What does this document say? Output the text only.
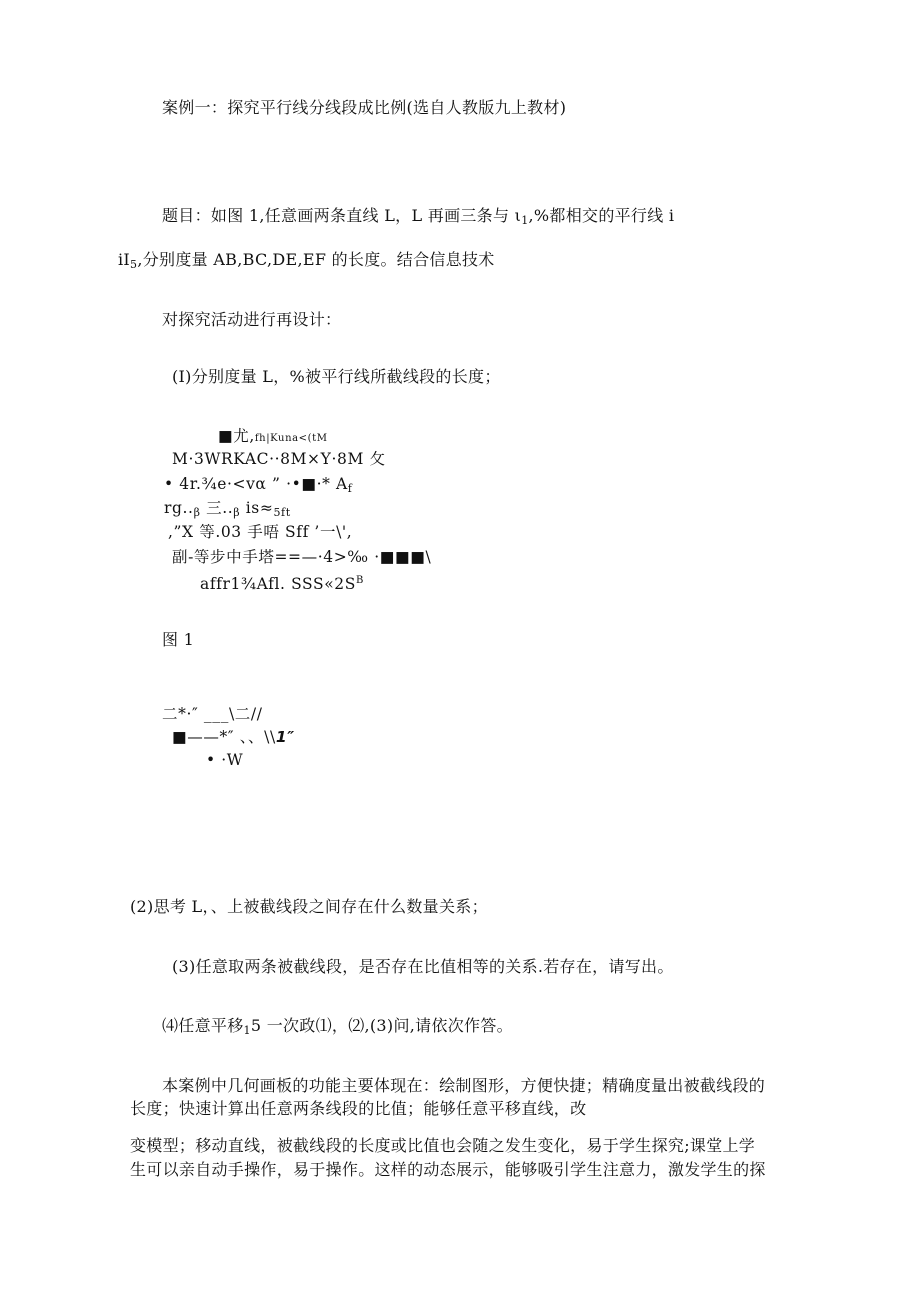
案例一：探究平行线分线段成比例(选自人教版九上教材)
题目：如图 1,任意画两条直线 L，L 再画三条与 $\iota_1,\%$都相交的平行线 i
$iI_5$,分别度量 AB,BC,DE,EF 的长度。结合信息技术
对探究活动进行再设计：
(I)分别度量 L，%被平行线所截线段的长度；
■尤,fh|Kuna<(tM
M·3WRKAC··8M×Y·8M 攵
• 4r.¾e·<vα ” ·•■·* $A_f$
$rg.._\beta$ 三$.._\beta$ $is\approx_{5ft}$
,”X 等.03 手唔 Sff ’一\',
副-等步中手塔==—·4>‰ ·■■■\
affr1¾Afl. $SSS«2S^B$
图 1
二*·″ ___\二//
■——*″ 、、\\1″
• ·W
(2)思考 L，、上被截线段之间存在什么数量关系；
(3)任意取两条被截线段，是否存在比值相等的关系.若存在，请写出。
⑷任意平移$_1$5 一次政⑴，⑵,(3)问,请依次作答。
本案例中几何画板的功能主要体现在：绘制图形，方便快捷；精确度量出被截线段的
长度；快速计算出任意两条线段的比值；能够任意平移直线，改
变模型；移动直线，被截线段的长度或比值也会随之发生变化，易于学生探究;课堂上学
生可以亲自动手操作，易于操作。这样的动态展示，能够吸引学生注意力，激发学生的探
